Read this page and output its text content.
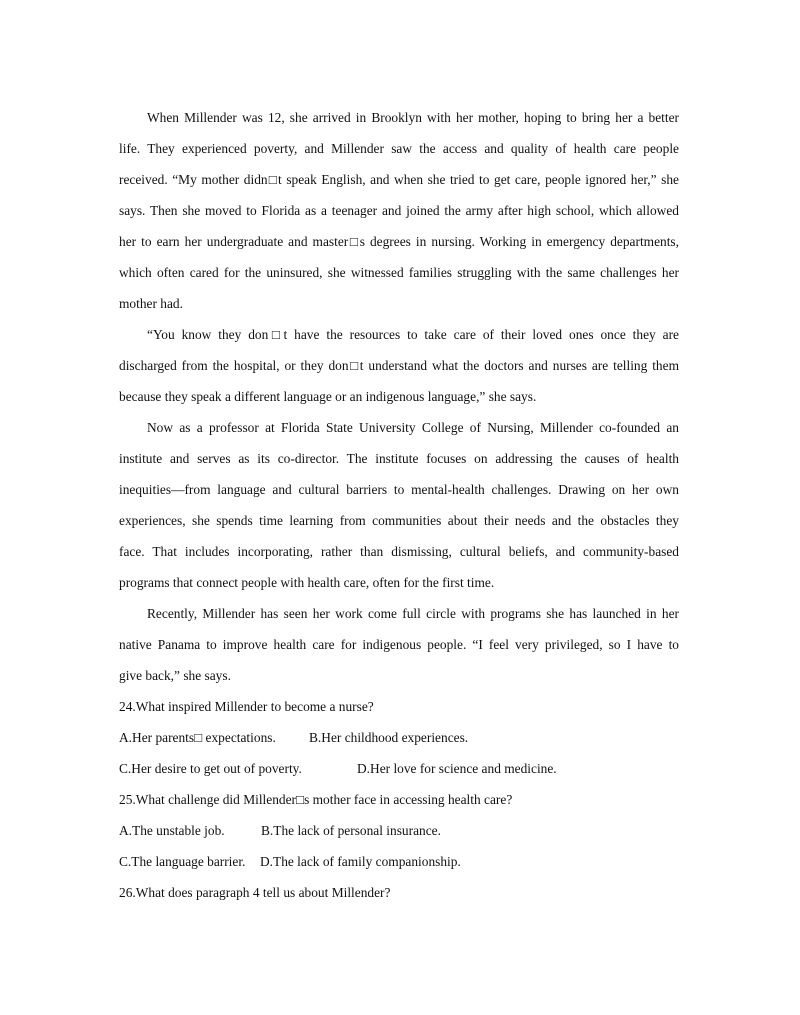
When Millender was 12, she arrived in Brooklyn with her mother, hoping to bring her a better
life. They experienced poverty, and Millender saw the access and quality of health care people
received. “My mother didn□t speak English, and when she tried to get care, people ignored her,” she
says. Then she moved to Florida as a teenager and joined the army after high school, which allowed
her to earn her undergraduate and master□s degrees in nursing. Working in emergency departments,
which often cared for the uninsured, she witnessed families struggling with the same challenges her
mother had.
“You know they don□t have the resources to take care of their loved ones once they are
discharged from the hospital, or they don□t understand what the doctors and nurses are telling them
because they speak a different language or an indigenous language,” she says.
Now as a professor at Florida State University College of Nursing, Millender co-founded an
institute and serves as its co-director. The institute focuses on addressing the causes of health
inequities—from language and cultural barriers to mental-health challenges. Drawing on her own
experiences, she spends time learning from communities about their needs and the obstacles they
face. That includes incorporating, rather than dismissing, cultural beliefs, and community-based
programs that connect people with health care, often for the first time.
Recently, Millender has seen her work come full circle with programs she has launched in her
native Panama to improve health care for indigenous people. “I feel very privileged, so I have to
give back,” she says.
24.What inspired Millender to become a nurse?
A.Her parents□ expectations. B.Her childhood experiences.
C.Her desire to get out of poverty.	D.Her love for science and medicine.
25.What challenge did Millender□s mother face in accessing health care?
A.The unstable job.	B.The lack of personal insurance.
C.The language barrier. D.The lack of family companionship.
26.What does paragraph 4 tell us about Millender?
